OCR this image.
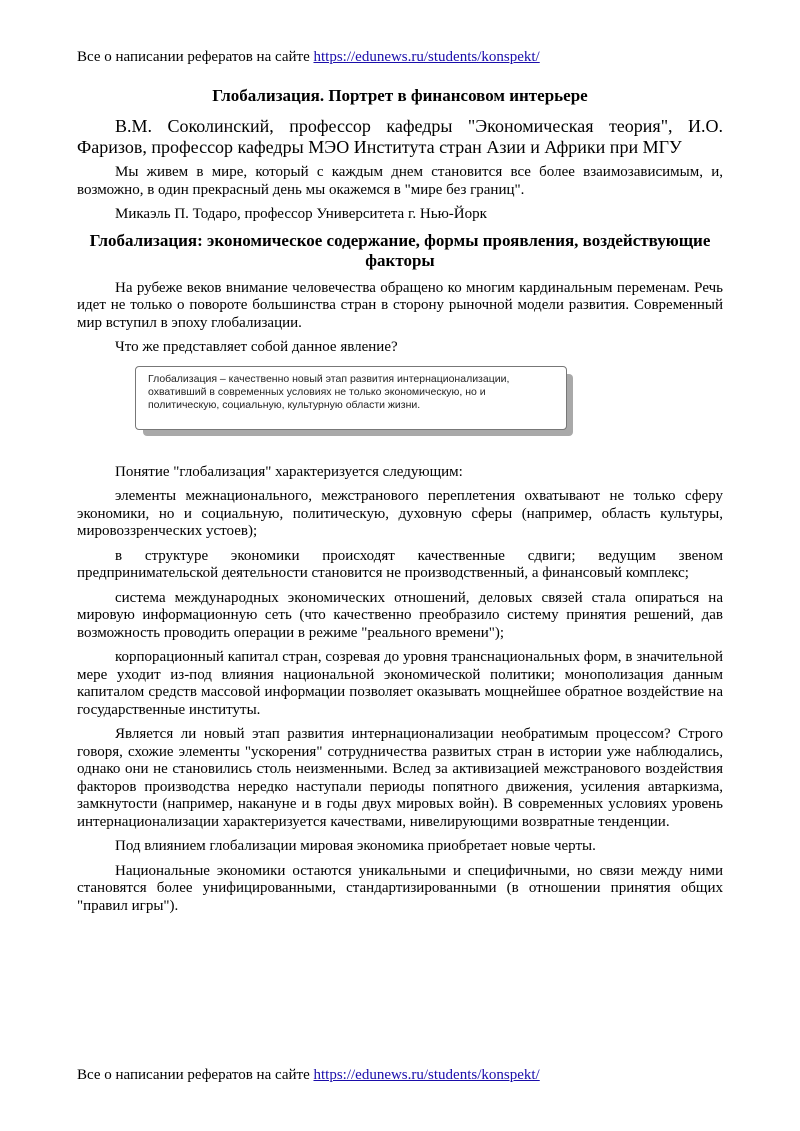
Все о написании рефератов на сайте https://edunews.ru/students/konspekt/
Глобализация. Портрет в финансовом интерьере

В.М. Соколинский, профессор кафедры "Экономическая теория", И.О. Фаризов, профессор кафедры МЭО Института стран Азии и Африки при МГУ

Мы живем в мире, который с каждым днем становится все более взаимозависимым, и, возможно, в один прекрасный день мы окажемся в "мире без границ".

Микаэль П. Тодаро, профессор Университета г. Нью-Йорк

Глобализация: экономическое содержание, формы проявления, воздействующие факторы

На рубеже веков внимание человечества обращено ко многим кардинальным переменам. Речь идет не только о повороте большинства стран в сторону рыночной модели развития. Современный мир вступил в эпоху глобализации.

Что же представляет собой данное явление?

Глобализация – качественно новый этап развития интернационализации, охвативший в современных условиях не только экономическую, но и политическую, социальную, культурную области жизни.

Понятие "глобализация" характеризуется следующим:

элементы межнационального, межстранового переплетения охватывают не только сферу экономики, но и социальную, политическую, духовную сферы (например, область культуры, мировоззренческих устоев);

в структуре экономики происходят качественные сдвиги; ведущим звеном предпринимательской деятельности становится не производственный, а финансовый комплекс;

система международных экономических отношений, деловых связей стала опираться на мировую информационную сеть (что качественно преобразило систему принятия решений, дав возможность проводить операции в режиме "реального времени");

корпорационный капитал стран, созревая до уровня транснациональных форм, в значительной мере уходит из-под влияния национальной экономической политики; монополизация данным капиталом средств массовой информации позволяет оказывать мощнейшее обратное воздействие на государственные институты.

Является ли новый этап развития интернационализации необратимым процессом? Строго говоря, схожие элементы "ускорения" сотрудничества развитых стран в истории уже наблюдались, однако они не становились столь неизменными. Вслед за активизацией межстранового воздействия факторов производства нередко наступали периоды попятного движения, усиления автаркизма, замкнутости (например, накануне и в годы двух мировых войн). В современных условиях уровень интернационализации характеризуется качествами, нивелирующими возвратные тенденции.

Под влиянием глобализации мировая экономика приобретает новые черты.

Национальные экономики остаются уникальными и специфичными, но связи между ними становятся более унифицированными, стандартизированными (в отношении принятия общих "правил игры").

Все о написании рефератов на сайте https://edunews.ru/students/konspekt/
